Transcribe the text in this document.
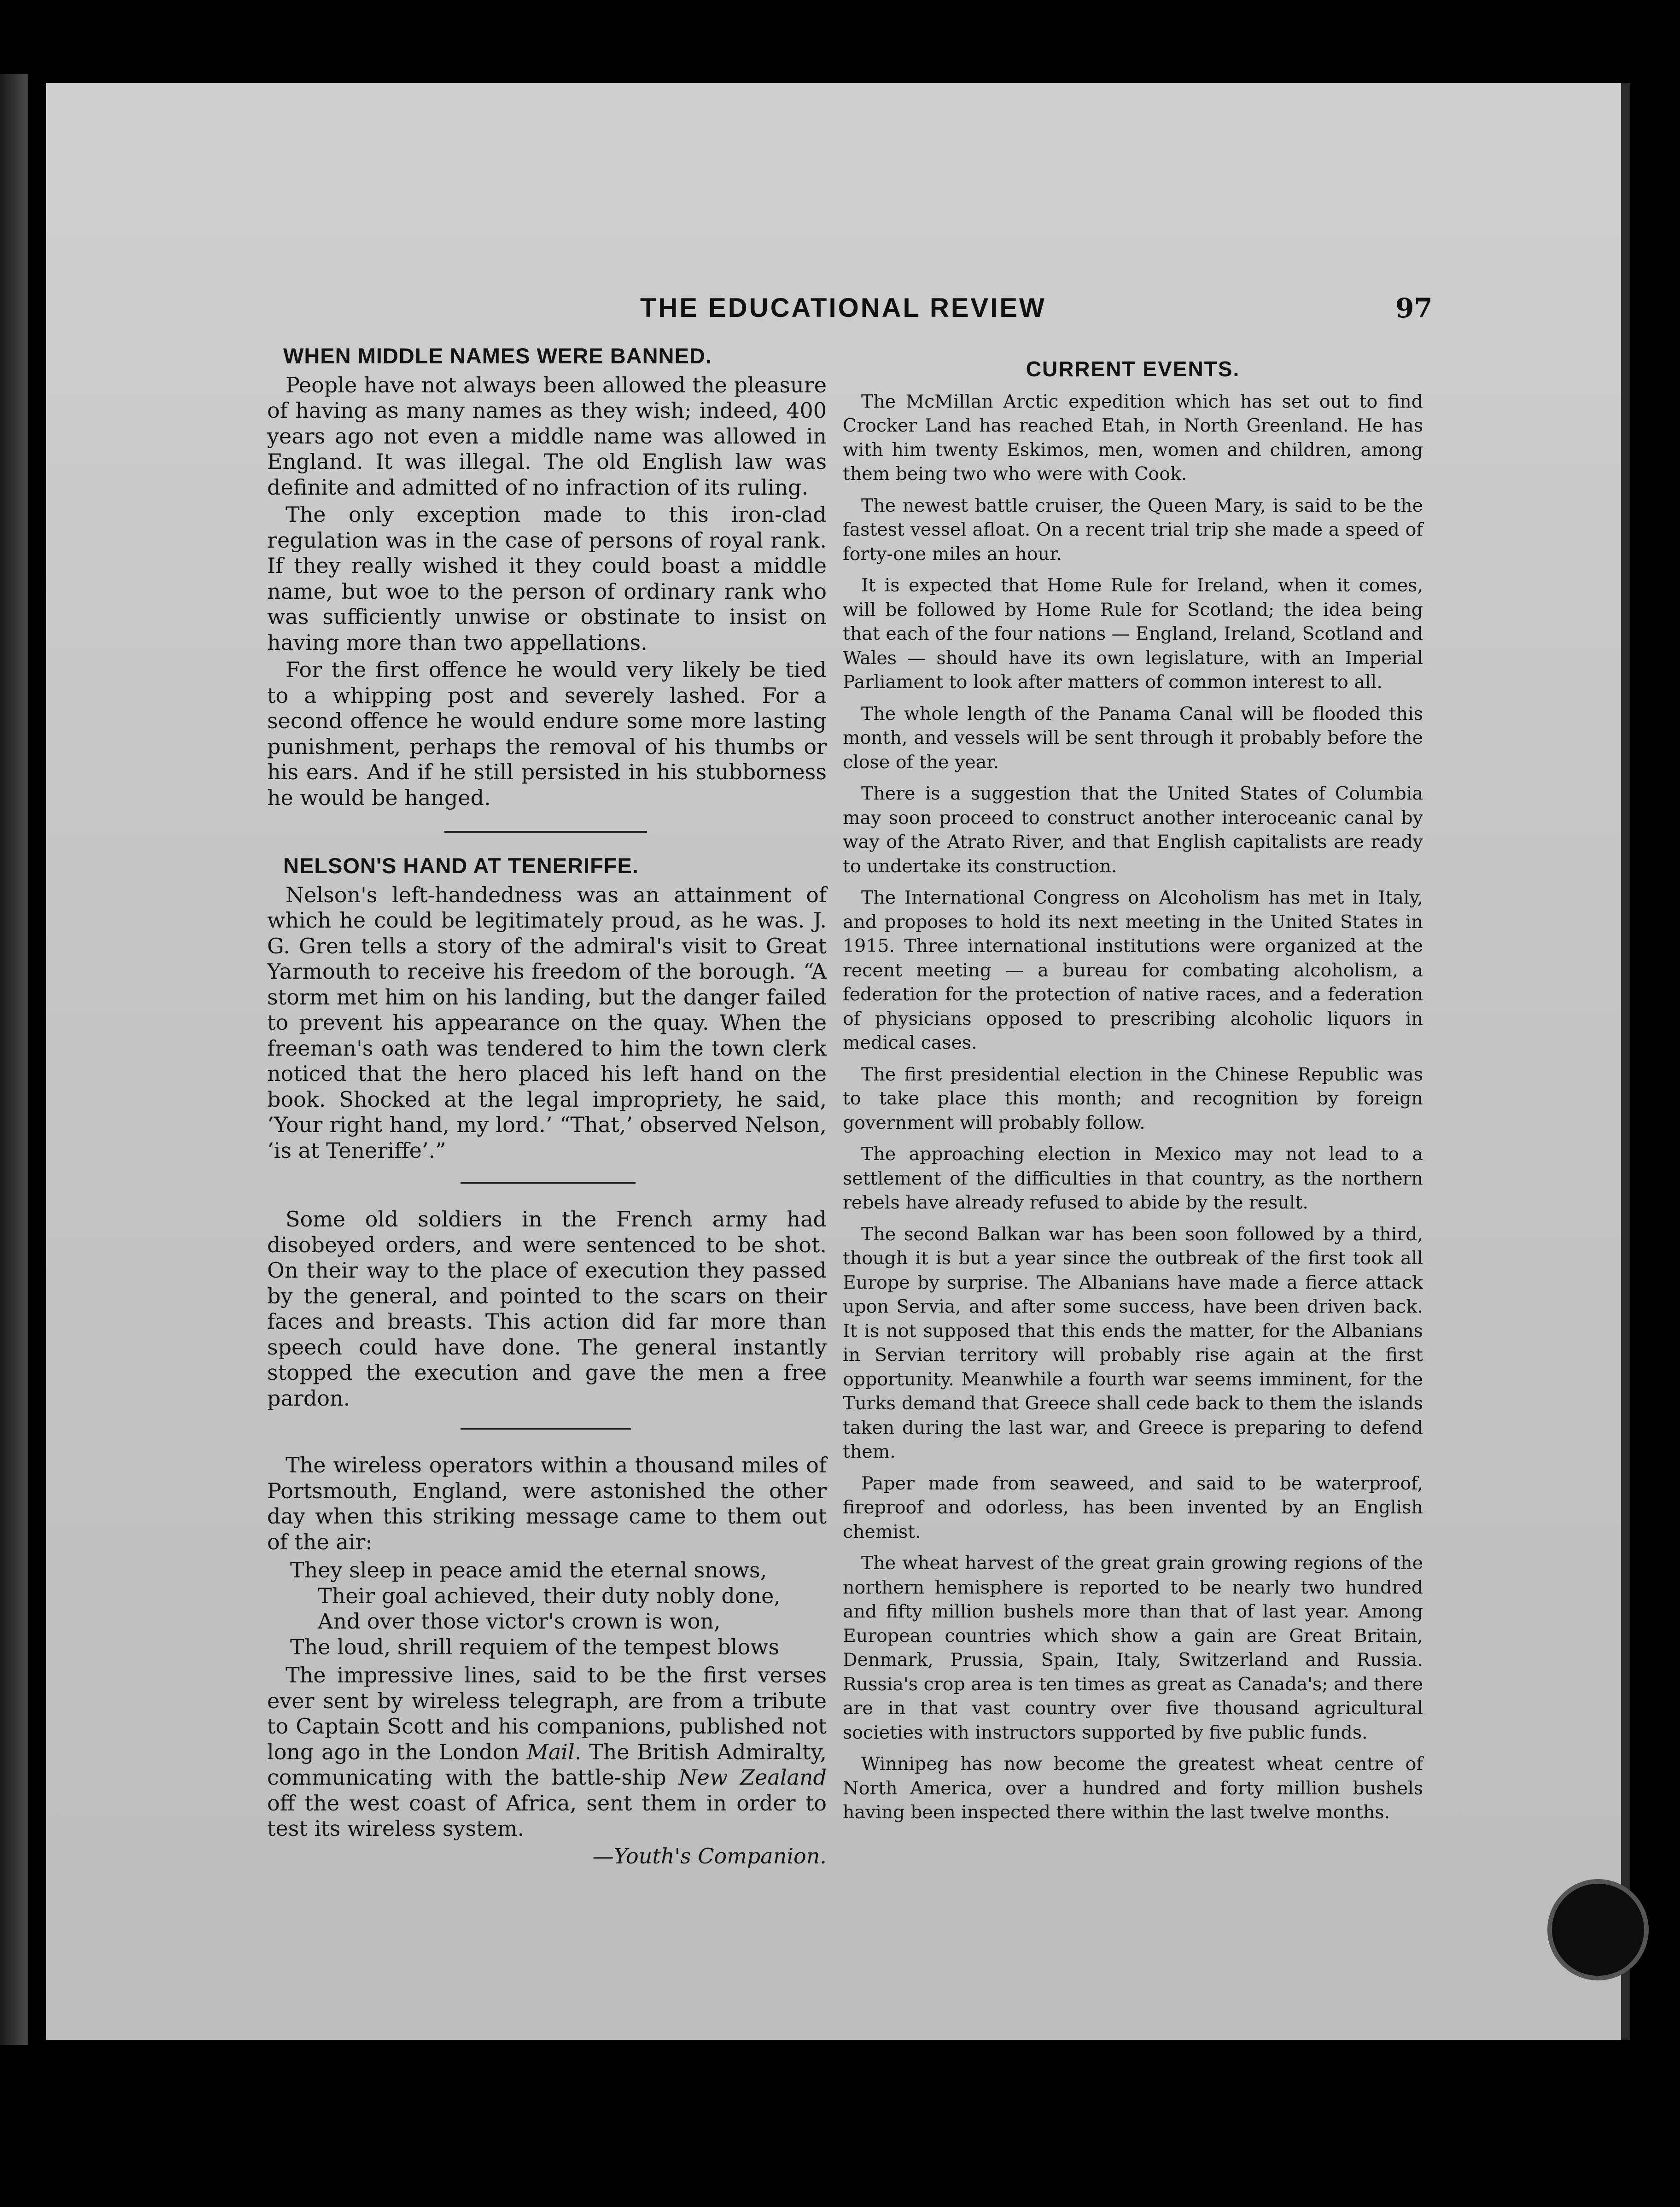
THE EDUCATIONAL REVIEW	97
WHEN MIDDLE NAMES WERE BANNED.

People have not always been allowed the pleasure of having as many names as they wish; indeed, 400 years ago not even a middle name was allowed in England. It was illegal. The old English law was definite and admitted of no infraction of its ruling.

The only exception made to this iron-clad regulation was in the case of persons of royal rank. If they really wished it they could boast a middle name, but woe to the person of ordinary rank who was sufficiently unwise or obstinate to insist on having more than two appellations.

For the first offence he would very likely be tied to a whipping post and severely lashed. For a second offence he would endure some more lasting punishment, perhaps the removal of his thumbs or his ears. And if he still persisted in his stubborness he would be hanged.

NELSON'S HAND AT TENERIFFE.

Nelson's left-handedness was an attainment of which he could be legitimately proud, as he was. J. G. Gren tells a story of the admiral's visit to Great Yarmouth to receive his freedom of the borough. “A storm met him on his landing, but the danger failed to prevent his appearance on the quay. When the freeman's oath was tendered to him the town clerk noticed that the hero placed his left hand on the book. Shocked at the legal impropriety, he said, ‘Your right hand, my lord.’ “That,’ observed Nelson, ‘is at Teneriffe’.”

Some old soldiers in the French army had disobeyed orders, and were sentenced to be shot. On their way to the place of execution they passed by the general, and pointed to the scars on their faces and breasts. This action did far more than speech could have done. The general instantly stopped the execution and gave the men a free pardon.

The wireless operators within a thousand miles of Portsmouth, England, were astonished the other day when this striking message came to them out of the air:

They sleep in peace amid the eternal snows,
Their goal achieved, their duty nobly done,
And over those victor's crown is won,
The loud, shrill requiem of the tempest blows

The impressive lines, said to be the first verses ever sent by wireless telegraph, are from a tribute to Captain Scott and his companions, published not long ago in the London Mail. The British Admiralty, communicating with the battle-ship New Zealand off the west coast of Africa, sent them in order to test its wireless system.

—Youth's Companion.
CURRENT EVENTS.

The McMillan Arctic expedition which has set out to find Crocker Land has reached Etah, in North Greenland. He has with him twenty Eskimos, men, women and children, among them being two who were with Cook.

The newest battle cruiser, the Queen Mary, is said to be the fastest vessel afloat. On a recent trial trip she made a speed of forty-one miles an hour.

It is expected that Home Rule for Ireland, when it comes, will be followed by Home Rule for Scotland; the idea being that each of the four nations — England, Ireland, Scotland and Wales — should have its own legislature, with an Imperial Parliament to look after matters of common interest to all.

The whole length of the Panama Canal will be flooded this month, and vessels will be sent through it probably before the close of the year.

There is a suggestion that the United States of Columbia may soon proceed to construct another interoceanic canal by way of the Atrato River, and that English capitalists are ready to undertake its construction.

The International Congress on Alcoholism has met in Italy, and proposes to hold its next meeting in the United States in 1915. Three international institutions were organized at the recent meeting — a bureau for combating alcoholism, a federation for the protection of native races, and a federation of physicians opposed to prescribing alcoholic liquors in medical cases.

The first presidential election in the Chinese Republic was to take place this month; and recognition by foreign government will probably follow.

The approaching election in Mexico may not lead to a settlement of the difficulties in that country, as the northern rebels have already refused to abide by the result.

The second Balkan war has been soon followed by a third, though it is but a year since the outbreak of the first took all Europe by surprise. The Albanians have made a fierce attack upon Servia, and after some success, have been driven back. It is not supposed that this ends the matter, for the Albanians in Servian territory will probably rise again at the first opportunity. Meanwhile a fourth war seems imminent, for the Turks demand that Greece shall cede back to them the islands taken during the last war, and Greece is preparing to defend them.

Paper made from seaweed, and said to be waterproof, fireproof and odorless, has been invented by an English chemist.

The wheat harvest of the great grain growing regions of the northern hemisphere is reported to be nearly two hundred and fifty million bushels more than that of last year. Among European countries which show a gain are Great Britain, Denmark, Prussia, Spain, Italy, Switzerland and Russia. Russia's crop area is ten times as great as Canada's; and there are in that vast country over five thousand agricultural societies with instructors supported by five public funds.

Winnipeg has now become the greatest wheat centre of North America, over a hundred and forty million bushels having been inspected there within the last twelve months.
